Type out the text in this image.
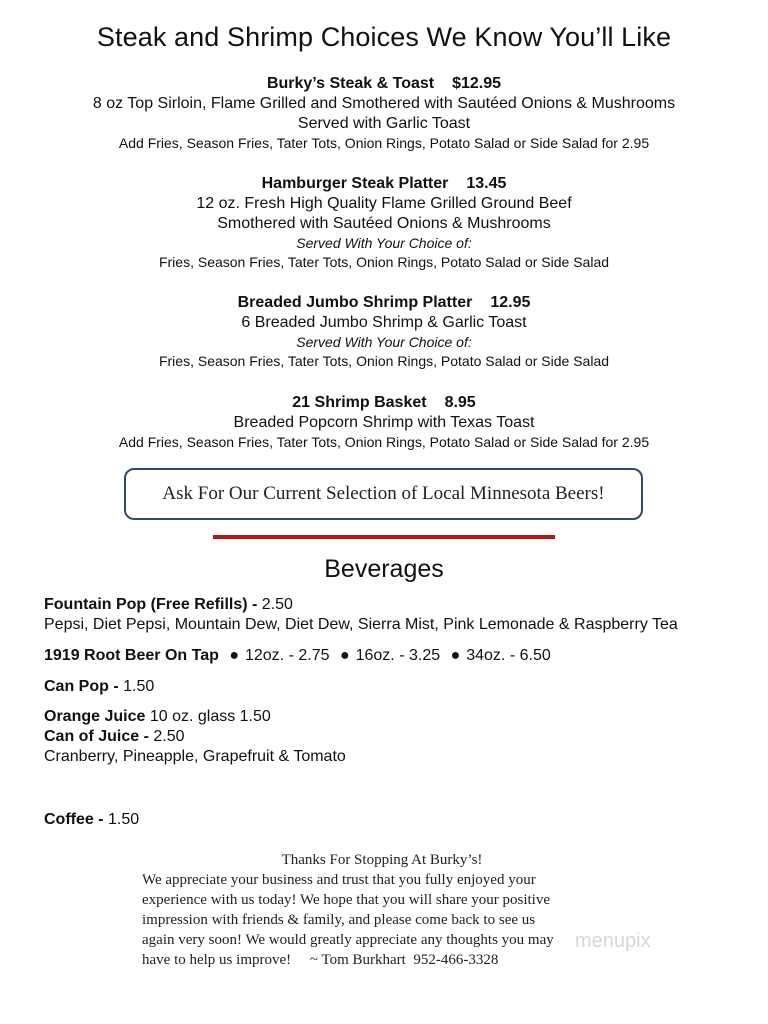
Steak and Shrimp Choices We Know You’ll Like
Burky’s Steak & Toast $12.95
8 oz Top Sirloin, Flame Grilled and Smothered with Sautéed Onions & Mushrooms
Served with Garlic Toast
Add Fries, Season Fries, Tater Tots, Onion Rings, Potato Salad or Side Salad for 2.95
Hamburger Steak Platter 13.45
12 oz. Fresh High Quality Flame Grilled Ground Beef
Smothered with Sautéed Onions & Mushrooms
Served With Your Choice of:
Fries, Season Fries, Tater Tots, Onion Rings, Potato Salad or Side Salad
Breaded Jumbo Shrimp Platter 12.95
6 Breaded Jumbo Shrimp & Garlic Toast
Served With Your Choice of:
Fries, Season Fries, Tater Tots, Onion Rings, Potato Salad or Side Salad
21 Shrimp Basket 8.95
Breaded Popcorn Shrimp with Texas Toast
Add Fries, Season Fries, Tater Tots, Onion Rings, Potato Salad or Side Salad for 2.95
Ask For Our Current Selection of Local Minnesota Beers!
Beverages
Fountain Pop (Free Refills) - 2.50
Pepsi, Diet Pepsi, Mountain Dew, Diet Dew, Sierra Mist, Pink Lemonade & Raspberry Tea
1919 Root Beer On Tap ● 12oz. - 2.75 ● 16oz. - 3.25 ● 34oz. - 6.50
Can Pop - 1.50
Orange Juice 10 oz. glass 1.50
Can of Juice - 2.50
Cranberry, Pineapple, Grapefruit & Tomato
Coffee - 1.50
Thanks For Stopping At Burky’s!
We appreciate your business and trust that you fully enjoyed your
experience with us today! We hope that you will share your positive
impression with friends & family, and please come back to see us
again very soon! We would greatly appreciate any thoughts you may
have to help us improve!     ~ Tom Burkhart  952-466-3328
menupix
